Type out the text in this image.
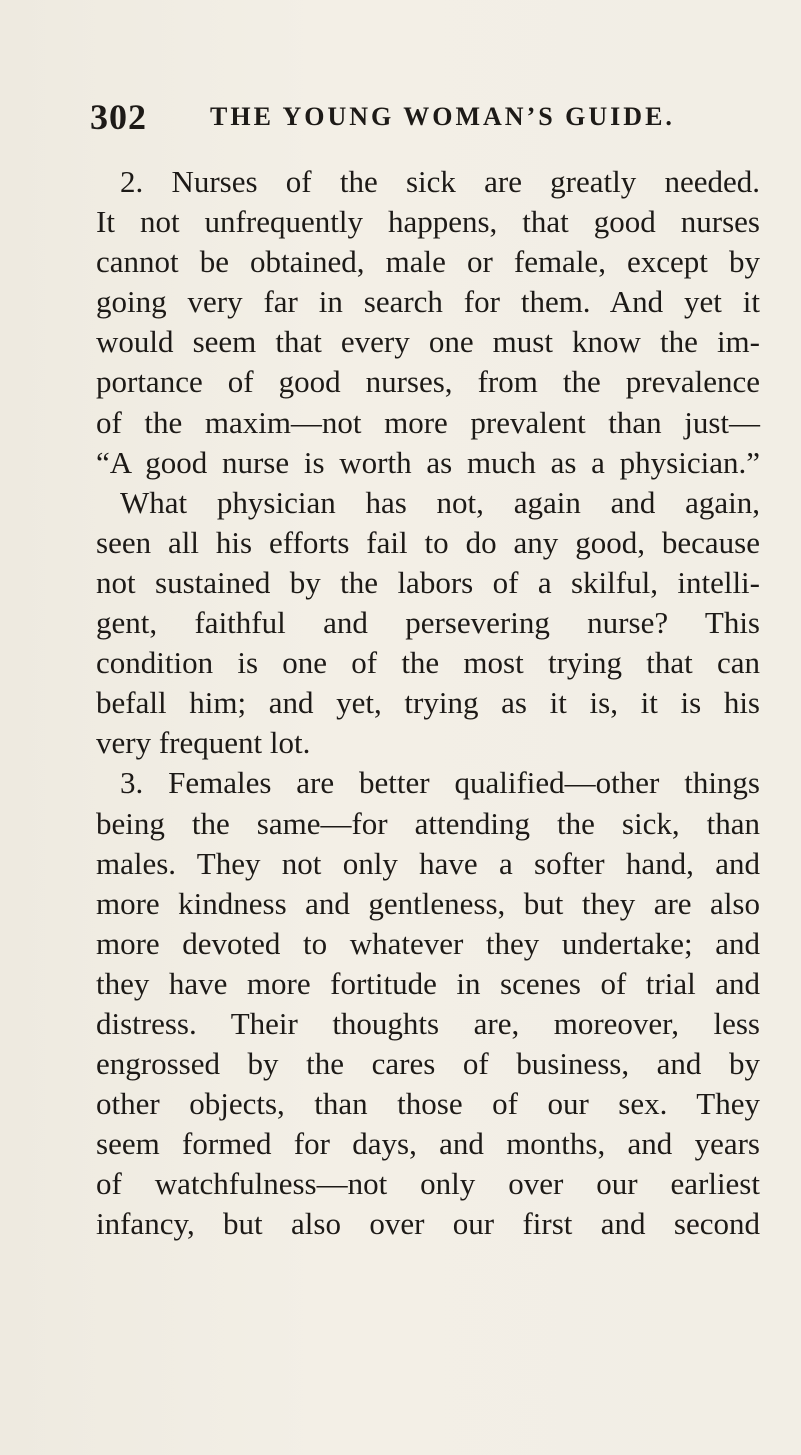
302 THE YOUNG WOMAN’S GUIDE.
2. Nurses of the sick are greatly needed.
It not unfrequently happens, that good nurses
cannot be obtained, male or female, except by
going very far in search for them. And yet it
would seem that every one must know the im-
portance of good nurses, from the prevalence
of the maxim—not more prevalent than just—
“A good nurse is worth as much as a physician.”
What physician has not, again and again,
seen all his efforts fail to do any good, because
not sustained by the labors of a skilful, intelli-
gent, faithful and persevering nurse? This
condition is one of the most trying that can
befall him; and yet, trying as it is, it is his
very frequent lot.
3. Females are better qualified—other things
being the same—for attending the sick, than
males. They not only have a softer hand, and
more kindness and gentleness, but they are also
more devoted to whatever they undertake; and
they have more fortitude in scenes of trial and
distress. Their thoughts are, moreover, less
engrossed by the cares of business, and by
other objects, than those of our sex. They
seem formed for days, and months, and years
of watchfulness—not only over our earliest
infancy, but also over our first and second
